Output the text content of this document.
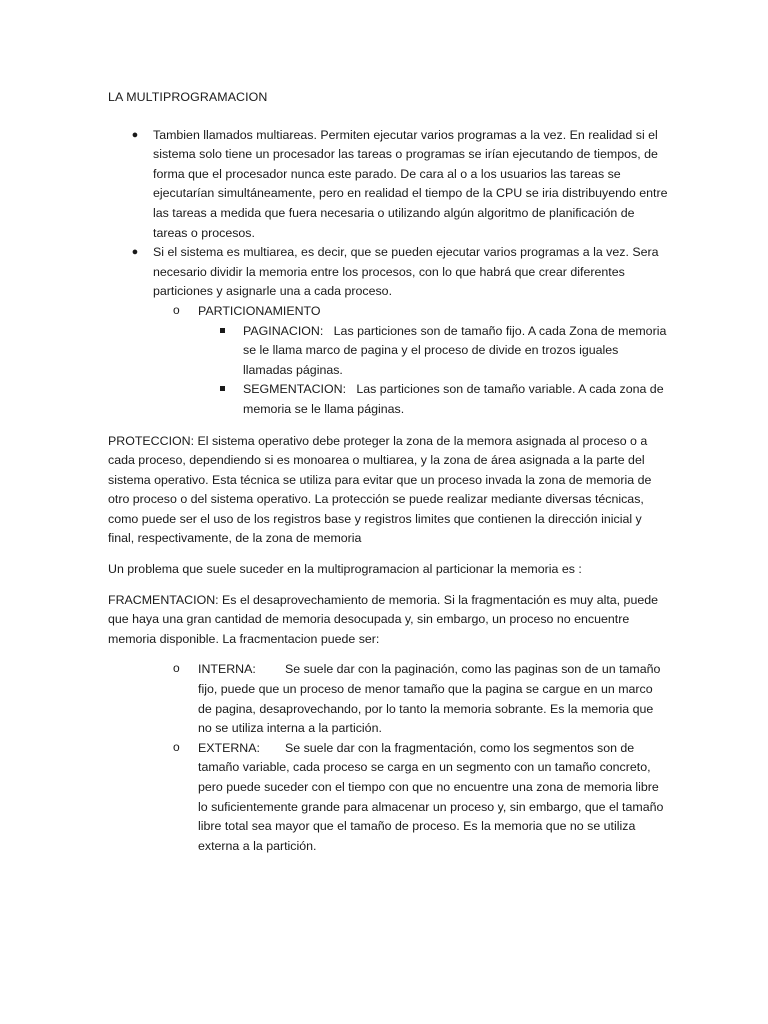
LA MULTIPROGRAMACION

● Tambien llamados multiareas. Permiten ejecutar varios programas a la vez. En realidad si el sistema solo tiene un procesador las tareas o programas se irían ejecutando de tiempos, de forma que el procesador nunca este parado. De cara al o a los usuarios las tareas se ejecutarían simultáneamente, pero en realidad el tiempo de la CPU se iria distribuyendo entre las tareas a medida que fuera necesaria o utilizando algún algoritmo de planificación de tareas o procesos.
● Si el sistema es multiarea, es decir, que se pueden ejecutar varios programas a la vez. Sera necesario dividir la memoria entre los procesos, con lo que habrá que crear diferentes particiones y asignarle una a cada proceso.
o PARTICIONAMIENTO
PAGINACION: Las particiones son de tamaño fijo. A cada Zona de memoria se le llama marco de pagina y el proceso de divide en trozos iguales llamadas páginas.
SEGMENTACION: Las particiones son de tamaño variable. A cada zona de memoria se le llama páginas.

PROTECCION: El sistema operativo debe proteger la zona de la memora asignada al proceso o a cada proceso, dependiendo si es monoarea o multiarea, y la zona de área asignada a la parte del sistema operativo. Esta técnica se utiliza para evitar que un proceso invada la zona de memoria de otro proceso o del sistema operativo. La protección se puede realizar mediante diversas técnicas, como puede ser el uso de los registros base y registros limites que contienen la dirección inicial y final, respectivamente, de la zona de memoria

Un problema que suele suceder en la multiprogramacion al particionar la memoria es :

FRACMENTACION: Es el desaprovechamiento de memoria. Si la fragmentación es muy alta, puede que haya una gran cantidad de memoria desocupada y, sin embargo, un proceso no encuentre memoria disponible. La fracmentacion puede ser:

o INTERNA: Se suele dar con la paginación, como las paginas son de un tamaño fijo, puede que un proceso de menor tamaño que la pagina se cargue en un marco de pagina, desaprovechando, por lo tanto la memoria sobrante. Es la memoria que no se utiliza interna a la partición.
o EXTERNA: Se suele dar con la fragmentación, como los segmentos son de tamaño variable, cada proceso se carga en un segmento con un tamaño concreto, pero puede suceder con el tiempo con que no encuentre una zona de memoria libre lo suficientemente grande para almacenar un proceso y, sin embargo, que el tamaño libre total sea mayor que el tamaño de proceso. Es la memoria que no se utiliza externa a la partición.
